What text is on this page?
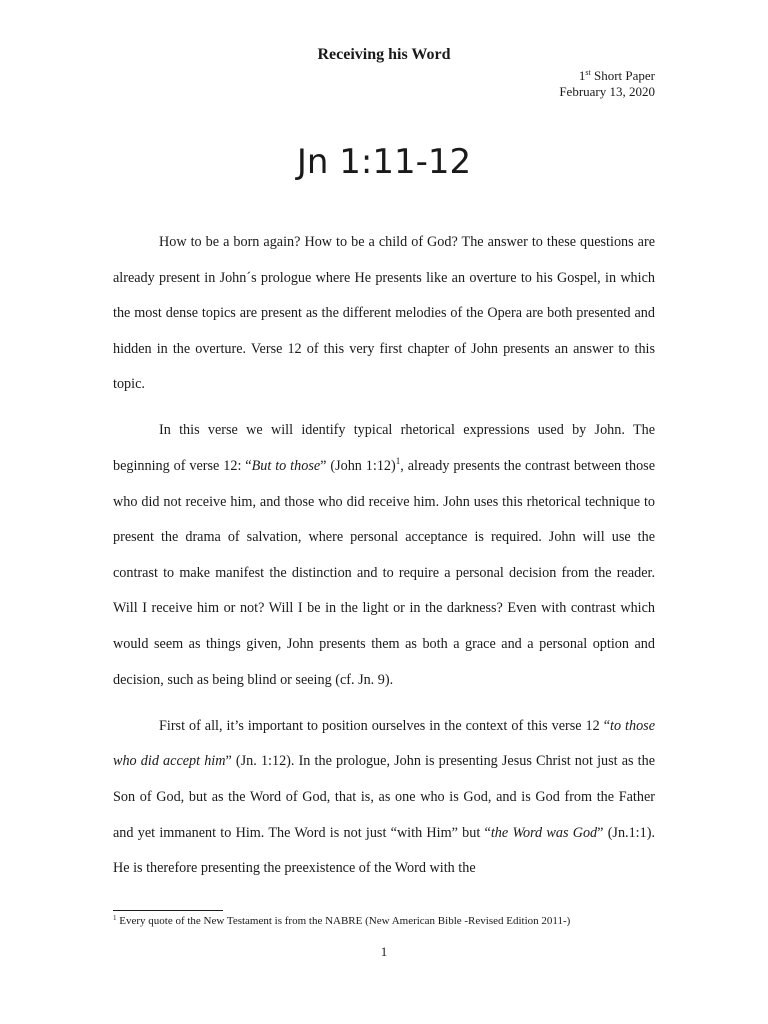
Receiving his Word
1st Short Paper
February 13, 2020
Jn 1:11-12

How to be a born again? How to be a child of God? The answer to these questions are already present in John´s prologue where He presents like an overture to his Gospel, in which the most dense topics are present as the different melodies of the Opera are both presented and hidden in the overture. Verse 12 of this very first chapter of John presents an answer to this topic.

In this verse we will identify typical rhetorical expressions used by John. The beginning of verse 12: “But to those” (John 1:12)$^1$, already presents the contrast between those who did not receive him, and those who did receive him. John uses this rhetorical technique to present the drama of salvation, where personal acceptance is required. John will use the contrast to make manifest the distinction and to require a personal decision from the reader. Will I receive him or not? Will I be in the light or in the darkness? Even with contrast which would seem as things given, John presents them as both a grace and a personal option and decision, such as being blind or seeing (cf. Jn. 9).

First of all, it’s important to position ourselves in the context of this verse 12 “to those who did accept him” (Jn. 1:12). In the prologue, John is presenting Jesus Christ not just as the Son of God, but as the Word of God, that is, as one who is God, and is God from the Father and yet immanent to Him. The Word is not just “with Him” but “the Word was God” (Jn.1:1). He is therefore presenting the preexistence of the Word with the

$^1$ Every quote of the New Testament is from the NABRE (New American Bible -Revised Edition 2011-)
1
